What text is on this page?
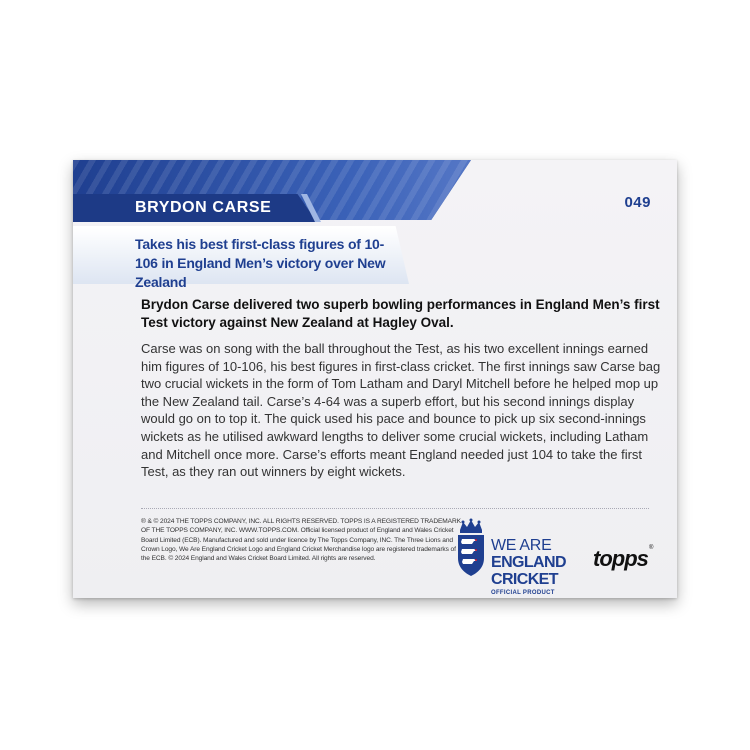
BRYDON CARSE
Takes his best first-class figures of 10-106 in England Men’s victory over New Zealand
049
Brydon Carse delivered two superb bowling performances in England Men’s first Test victory against New Zealand at Hagley Oval.
Carse was on song with the ball throughout the Test, as his two excellent innings earned him figures of 10-106, his best figures in first-class cricket. The first innings saw Carse bag two crucial wickets in the form of Tom Latham and Daryl Mitchell before he helped mop up the New Zealand tail. Carse’s 4-64 was a superb effort, but his second innings display would go on to top it. The quick used his pace and bounce to pick up six second-innings wickets as he utilised awkward lengths to deliver some crucial wickets, including Latham and Mitchell once more. Carse’s efforts meant England needed just 104 to take the first Test, as they ran out winners by eight wickets.
® & © 2024 THE TOPPS COMPANY, INC. ALL RIGHTS RESERVED. TOPPS IS A REGISTERED TRADEMARK OF THE TOPPS COMPANY, INC. WWW.TOPPS.COM. Official licensed product of England and Wales Cricket Board Limited (ECB). Manufactured and sold under licence by The Topps Company, INC. The Three Lions and Crown Logo, We Are England Cricket Logo and England Cricket Merchandise logo are registered trademarks of the ECB. © 2024 England and Wales Cricket Board Limited. All rights are reserved.
WE ARE
ENGLAND
CRICKET
OFFICIAL PRODUCT
topps ®
